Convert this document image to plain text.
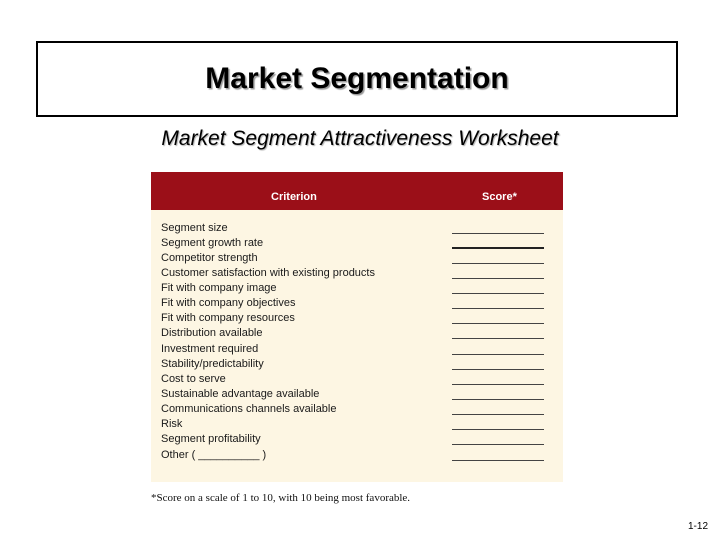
Market Segmentation

Market Segment Attractiveness Worksheet

Criterion	Score*
Segment size
Segment growth rate
Competitor strength
Customer satisfaction with existing products
Fit with company image
Fit with company objectives
Fit with company resources
Distribution available
Investment required
Stability/predictability
Cost to serve
Sustainable advantage available
Communications channels available
Risk
Segment profitability
Other ( __________ )
*Score on a scale of 1 to 10, with 10 being most favorable.
1-12
